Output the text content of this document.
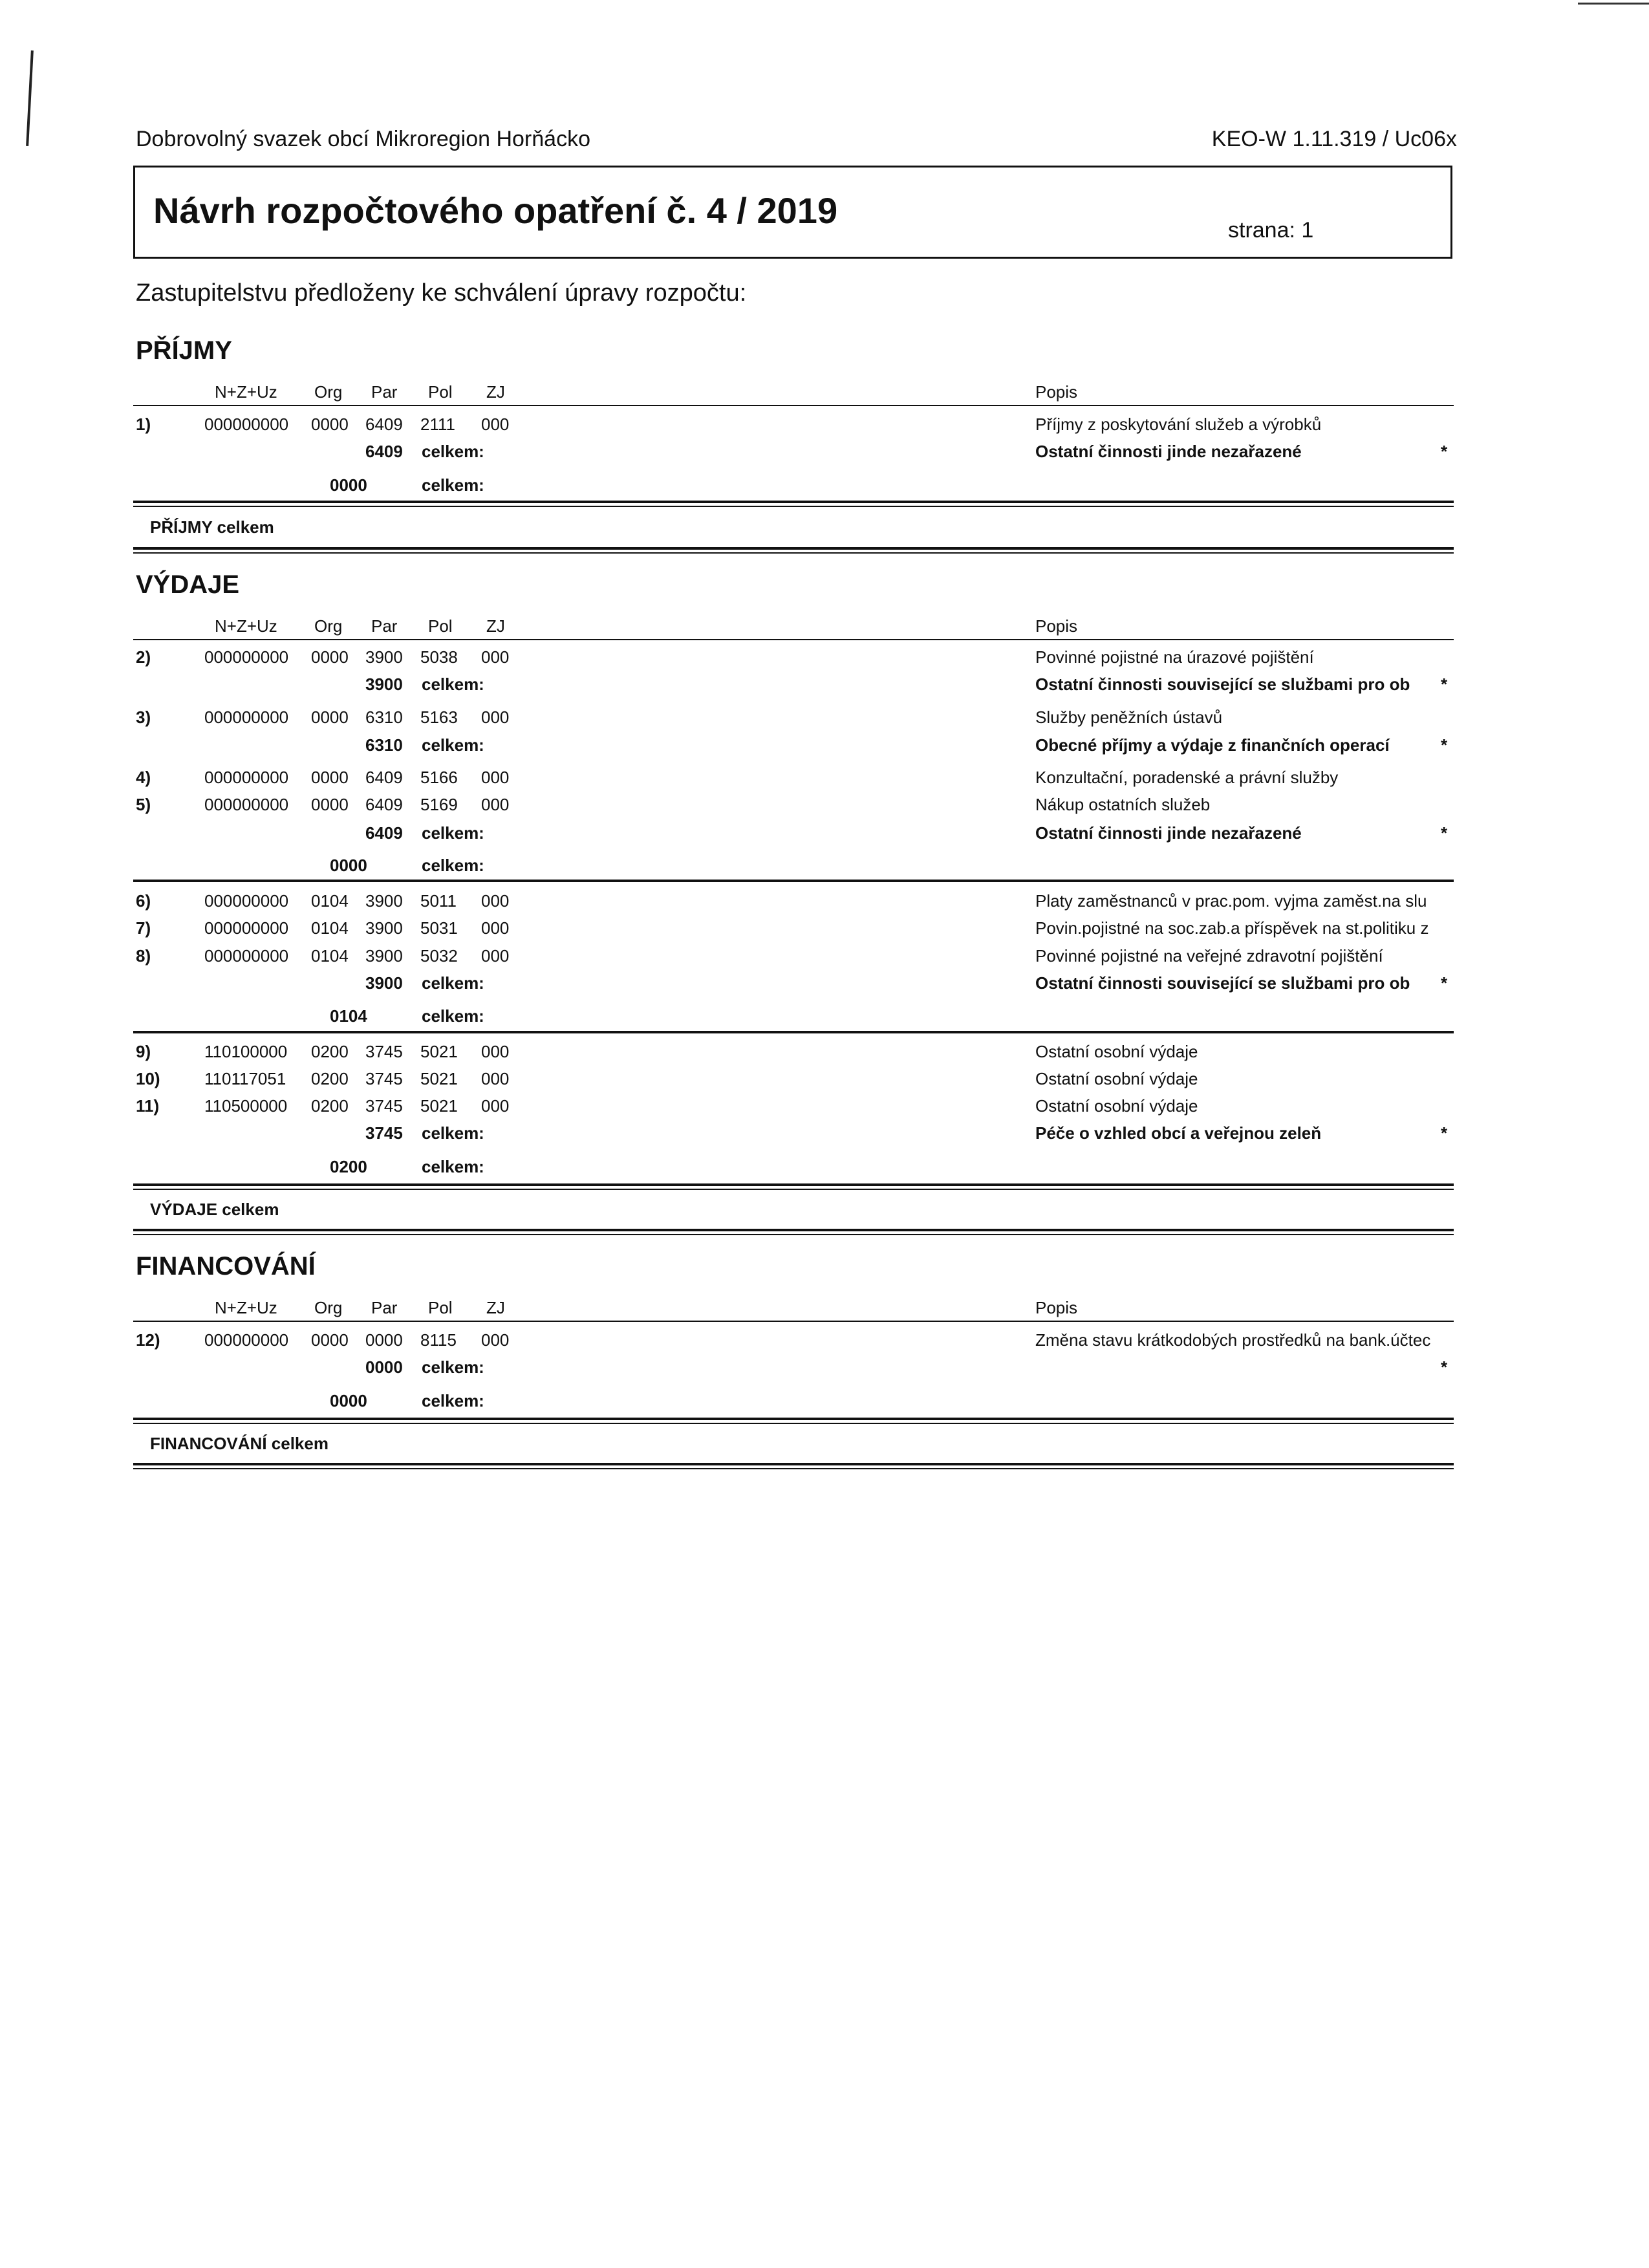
Dobrovolný svazek obcí Mikroregion Horňácko	KEO-W 1.11.319 / Uc06x
Návrh rozpočtového opatření č. 4 / 2019	strana: 1
Zastupitelstvu předloženy ke schválení úpravy rozpočtu:
PŘÍJMY
N+Z+Uz Org Par Pol ZJ	Popis
1)	000000000 0000 6409 2111 000	Příjmy z poskytování služeb a výrobků
6409 celkem:	Ostatní činnosti jinde nezařazené	*
0000	celkem:
PŘÍJMY celkem
VÝDAJE
N+Z+Uz Org Par Pol ZJ	Popis
2)	000000000 0000 3900 5038 000	Povinné pojistné na úrazové pojištění
3900 celkem:	Ostatní činnosti související se službami pro ob *
3)	000000000 0000 6310 5163 000	Služby peněžních ústavů
6310 celkem:	Obecné příjmy a výdaje z finančních operací	*
4)	000000000 0000 6409 5166 000	Konzultační, poradenské a právní služby
5)	000000000 0000 6409 5169 000	Nákup ostatních služeb
6409 celkem:	Ostatní činnosti jinde nezařazené	*
0000	celkem:
6)	000000000 0104 3900 5011 000	Platy zaměstnanců v prac.pom. vyjma zaměst.na slu
7)	000000000 0104 3900 5031 000	Povin.pojistné na soc.zab.a příspěvek na st.politiku z
8)	000000000 0104 3900 5032 000	Povinné pojistné na veřejné zdravotní pojištění
3900 celkem:	Ostatní činnosti související se službami pro ob *
0104	celkem:
9)	110100000 0200 3745 5021 000	Ostatní osobní výdaje
10)	110117051 0200 3745 5021 000	Ostatní osobní výdaje
11)	110500000 0200 3745 5021 000	Ostatní osobní výdaje
3745 celkem:	Péče o vzhled obcí a veřejnou zeleň	*
0200	celkem:
VÝDAJE celkem
FINANCOVÁNÍ
N+Z+Uz Org Par Pol ZJ	Popis
12)	000000000 0000 0000 8115 000	Změna stavu krátkodobých prostředků na bank.účtec
0000 celkem:	*
0000	celkem:
FINANCOVÁNÍ celkem
